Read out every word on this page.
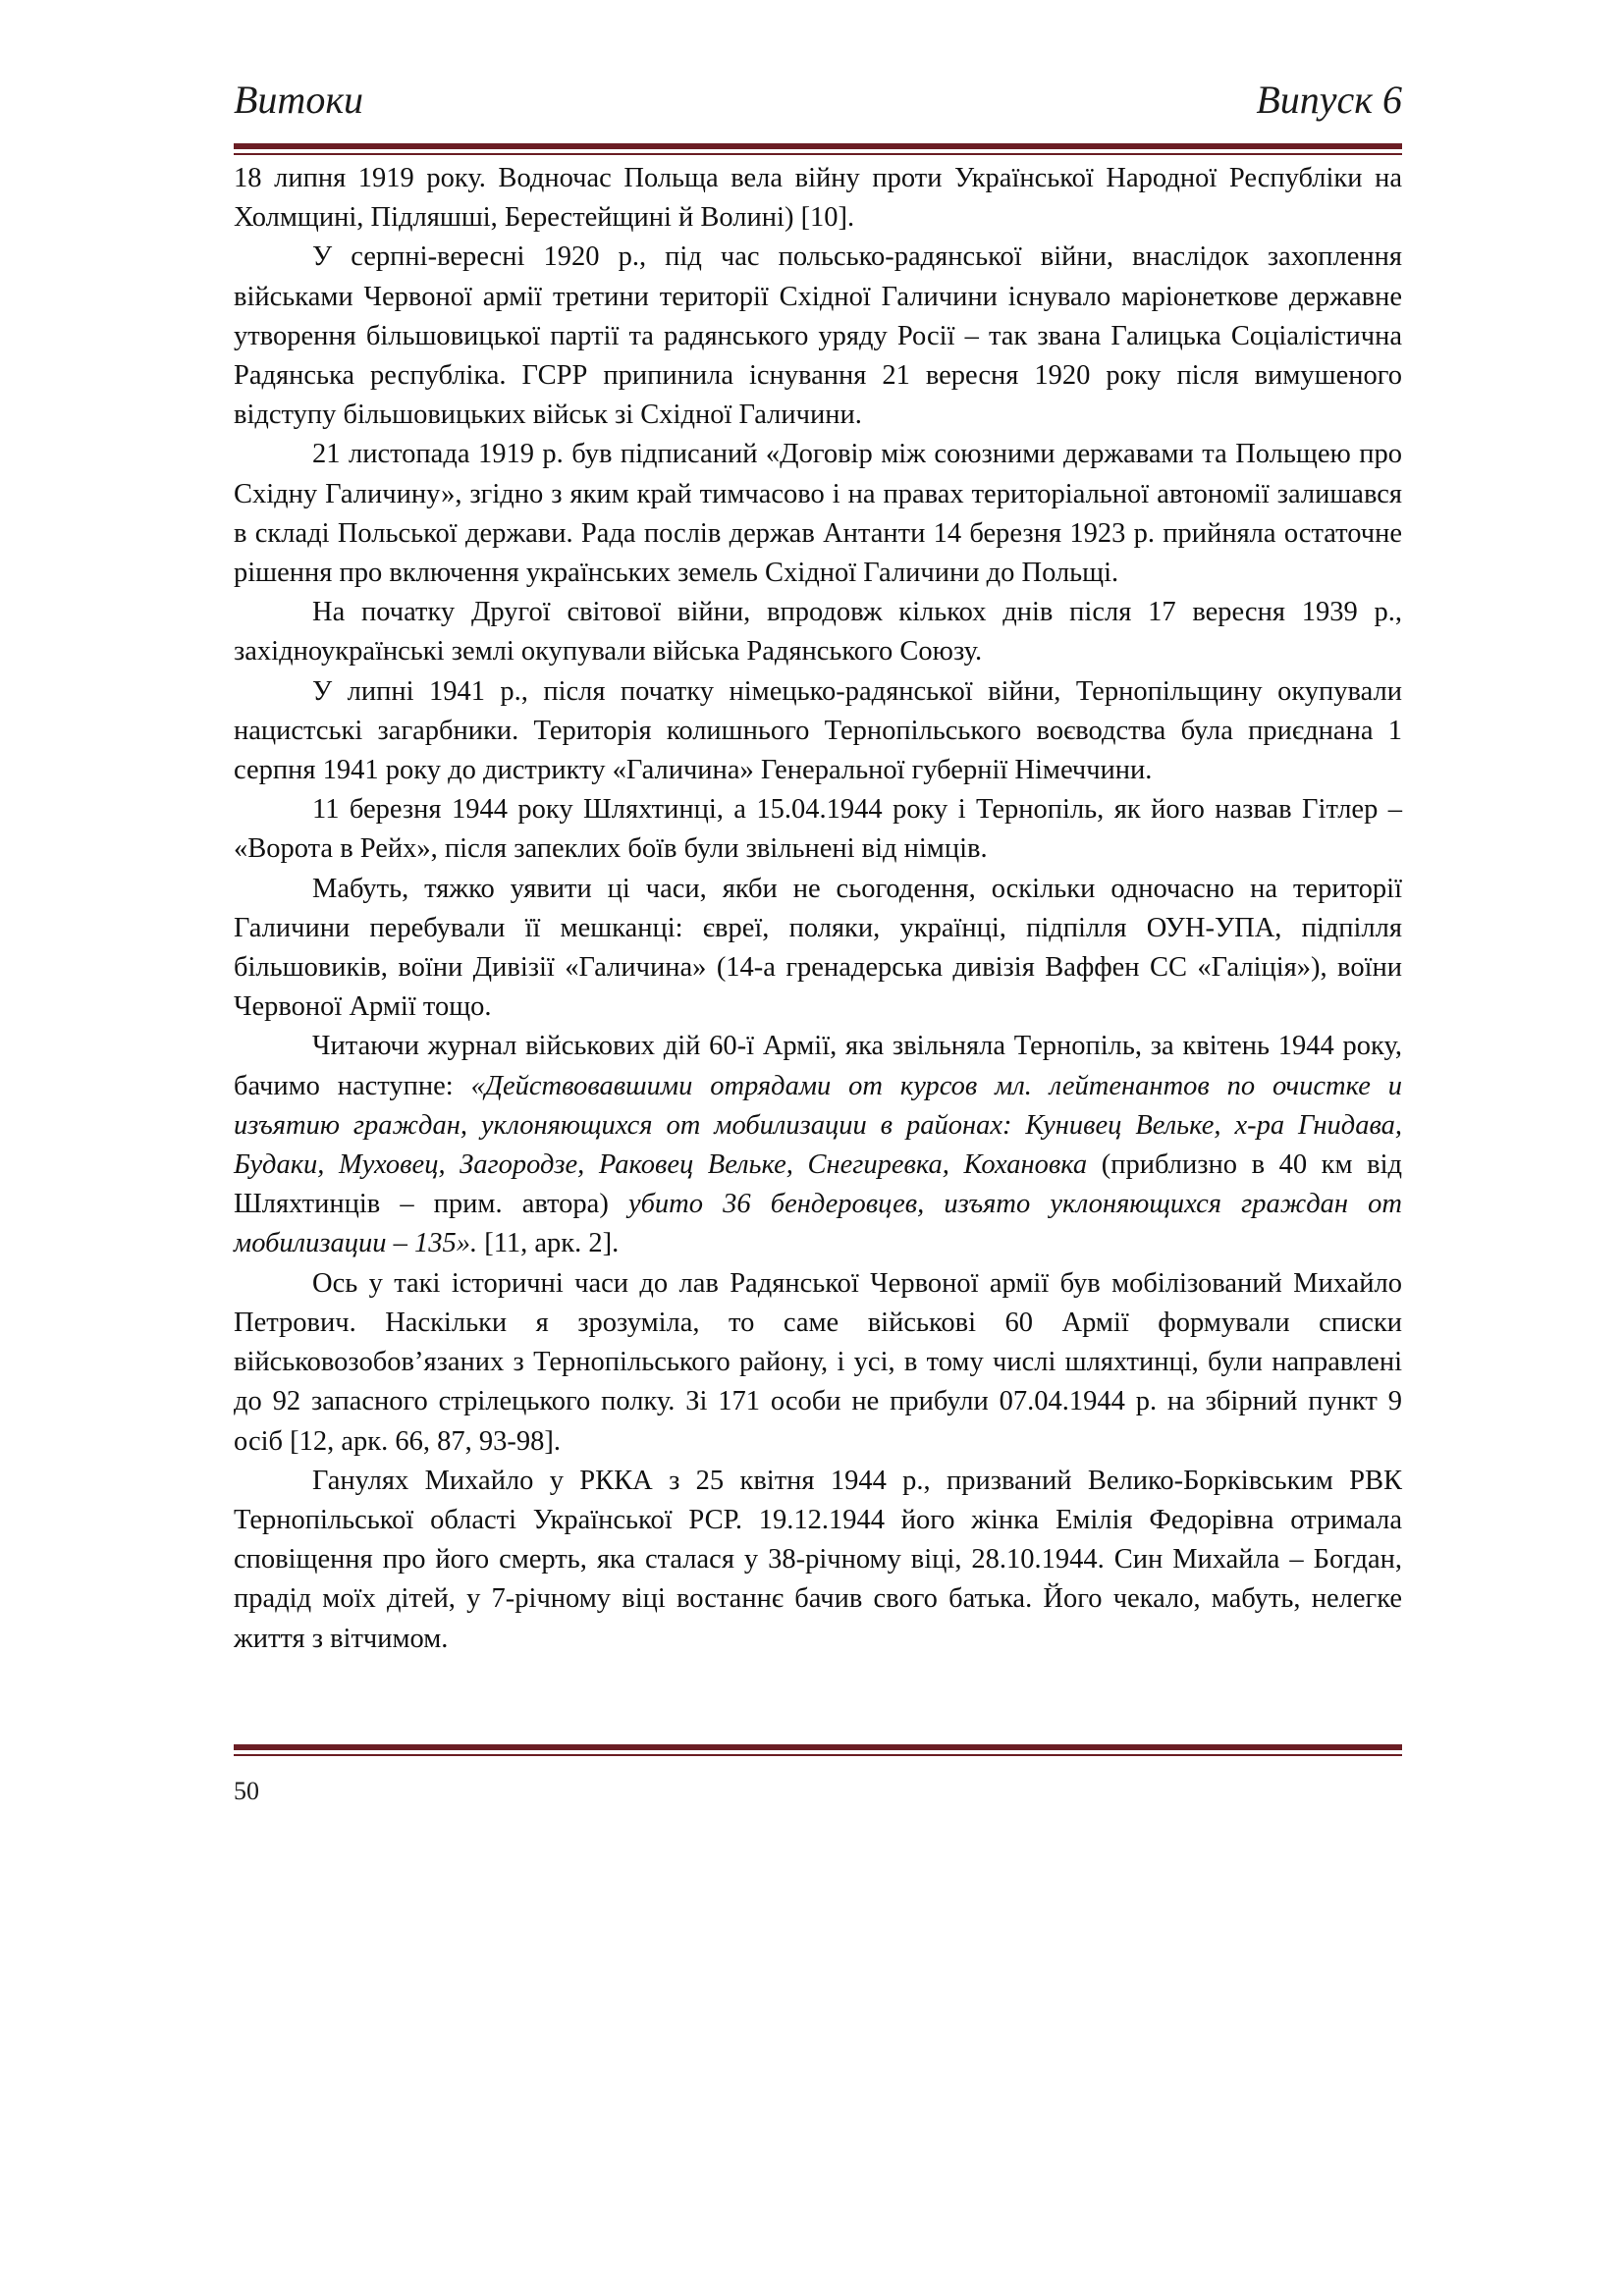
Витоки	Випуск 6

18 липня 1919 року. Водночас Польща вела війну проти Української Народної Республіки на Холмщині, Підляшші, Берестейщині й Волині) [10].

У серпні-вересні 1920 р., під час польсько-радянської війни, внаслідок захоплення військами Червоної армії третини території Східної Галичини існувало маріонеткове державне утворення більшовицької партії та радянського уряду Росії – так звана Галицька Соціалістична Радянська республіка. ГСРР припинила існування 21 вересня 1920 року після вимушеного відступу більшовицьких військ зі Східної Галичини.

21 листопада 1919 р. був підписаний «Договір між союзними державами та Польщею про Східну Галичину», згідно з яким край тимчасово і на правах територіальної автономії залишався в складі Польської держави. Рада послів держав Антанти 14 березня 1923 р. прийняла остаточне рішення про включення українських земель Східної Галичини до Польщі.

На початку Другої світової війни, впродовж кількох днів після 17 вересня 1939 р., західноукраїнські землі окупували війська Радянського Союзу.

У липні 1941 р., після початку німецько-радянської війни, Тернопільщину окупували нацистські загарбники. Територія колишнього Тернопільського воєводства була приєднана 1 серпня 1941 року до дистрикту «Галичина» Генеральної губернії Німеччини.

11 березня 1944 року Шляхтинці, а 15.04.1944 року і Тернопіль, як його назвав Гітлер – «Ворота в Рейх», після запеклих боїв були звільнені від німців.

Мабуть, тяжко уявити ці часи, якби не сьогодення, оскільки одночасно на території Галичини перебували її мешканці: євреї, поляки, українці, підпілля ОУН-УПА, підпілля більшовиків, воїни Дивізії «Галичина» (14-а гренадерська дивізія Ваффен СС «Галіція»), воїни Червоної Армії тощо.

Читаючи журнал військових дій 60-ї Армії, яка звільняла Тернопіль, за квітень 1944 року, бачимо наступне: «Действовавшими отрядами от курсов мл. лейтенантов по очистке и изъятию граждан, уклоняющихся от мобилизации в районах: Кунивец Вельке, х-ра Гнидава, Будаки, Муховец, Загородзе, Раковец Вельке, Снегиревка, Кохановка (приблизно в 40 км від Шляхтинців – прим. автора) убито 36 бендеровцев, изъято уклоняющихся граждан от мобилизации – 135». [11, арк. 2].

Ось у такі історичні часи до лав Радянської Червоної армії був мобілізований Михайло Петрович. Наскільки я зрозуміла, то саме військові 60 Армії формували списки військовозобов’язаних з Тернопільського району, і усі, в тому числі шляхтинці, були направлені до 92 запасного стрілецького полку. Зі 171 особи не прибули 07.04.1944 р. на збірний пункт 9 осіб [12, арк. 66, 87, 93-98].

Ганулях Михайло у РККА з 25 квітня 1944 р., призваний Велико-Борківським РВК Тернопільської області Української РСР. 19.12.1944 його жінка Емілія Федорівна отримала сповіщення про його смерть, яка сталася у 38-річному віці, 28.10.1944. Син Михайла – Богдан, прадід моїх дітей, у 7-річному віці востаннє бачив свого батька. Його чекало, мабуть, нелегке життя з вітчимом.

50
